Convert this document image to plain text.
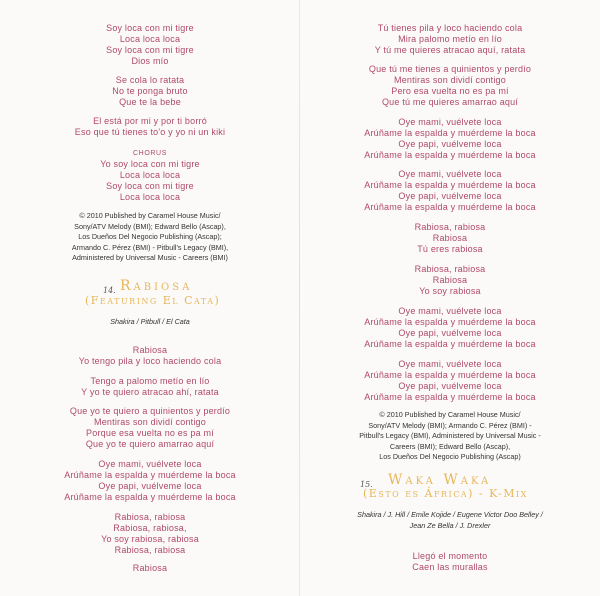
Soy loca con mi tigre
Loca loca loca
Soy loca con mi tigre
Dios mío
Se cola lo ratata
No te ponga bruto
Que te la bebe
El está por mi y por ti borró
Eso que tú tienes to'o y yo ni un kiki
CHORUS
Yo soy loca con mi tigre
Loca loca loca
Soy loca con mi tigre
Loca loca loca
© 2010 Published by Caramel House Music/
Sony/ATV Melody (BMI); Edward Bello (Ascap),
Los Dueños Del Negocio Publishing (Ascap);
Armando C. Pérez (BMI) - Pitbull's Legacy (BMI),
Administered by Universal Music - Careers (BMI)
14. Rabiosa
(Featuring El Cata)
Shakira / Pitbull / El Cata
Rabiosa
Yo tengo pila y loco haciendo cola
Tengo a palomo metío en lío
Y yo te quiero atracao ahí, ratata
Que yo te quiero a quinientos y perdío
Mentiras son dividí contigo
Porque esa vuelta no es pa mí
Que yo te quiero amarrao aquí
Oye mami, vuélvete loca
Arúñame la espalda y muérdeme la boca
Oye papi, vuélveme loca
Arúñame la espalda y muérdeme la boca
Rabiosa, rabiosa
Rabiosa, rabiosa,
Yo soy rabiosa, rabiosa
Rabiosa, rabiosa
Rabiosa
Tú tienes pila y loco haciendo cola
Mira palomo metío en lío
Y tú me quieres atracao aquí, ratata
Que tú me tienes a quinientos y perdío
Mentiras son dividí contigo
Pero esa vuelta no es pa mí
Que tú me quieres amarrao aquí
Oye mami, vuélvete loca
Arúñame la espalda y muérdeme la boca
Oye papi, vuélveme loca
Arúñame la espalda y muérdeme la boca
Oye mami, vuélvete loca
Arúñame la espalda y muérdeme la boca
Oye papi, vuélveme loca
Arúñame la espalda y muérdeme la boca
Rabiosa, rabiosa
Rabiosa
Tú eres rabiosa
Rabiosa, rabiosa
Rabiosa
Yo soy rabiosa
Oye mami, vuélvete loca
Arúñame la espalda y muérdeme la boca
Oye papi, vuélveme loca
Arúñame la espalda y muérdeme la boca
Oye mami, vuélvete loca
Arúñame la espalda y muérdeme la boca
Oye papi, vuélveme loca
Arúñame la espalda y muérdeme la boca
© 2010 Published by Caramel House Music/
Sony/ATV Melody (BMI); Armando C. Pérez (BMI) -
Pitbull's Legacy (BMI), Administered by Universal Music -
Careers (BMI); Edward Bello (Ascap),
Los Dueños Del Negocio Publishing (Ascap)
15. Waka Waka
(Esto es África) - K-Mix
Shakira / J. Hill / Emile Kojide / Eugene Victor Doo Belley /
Jean Ze Bella / J. Drexler
Llegó el momento
Caen las murallas
